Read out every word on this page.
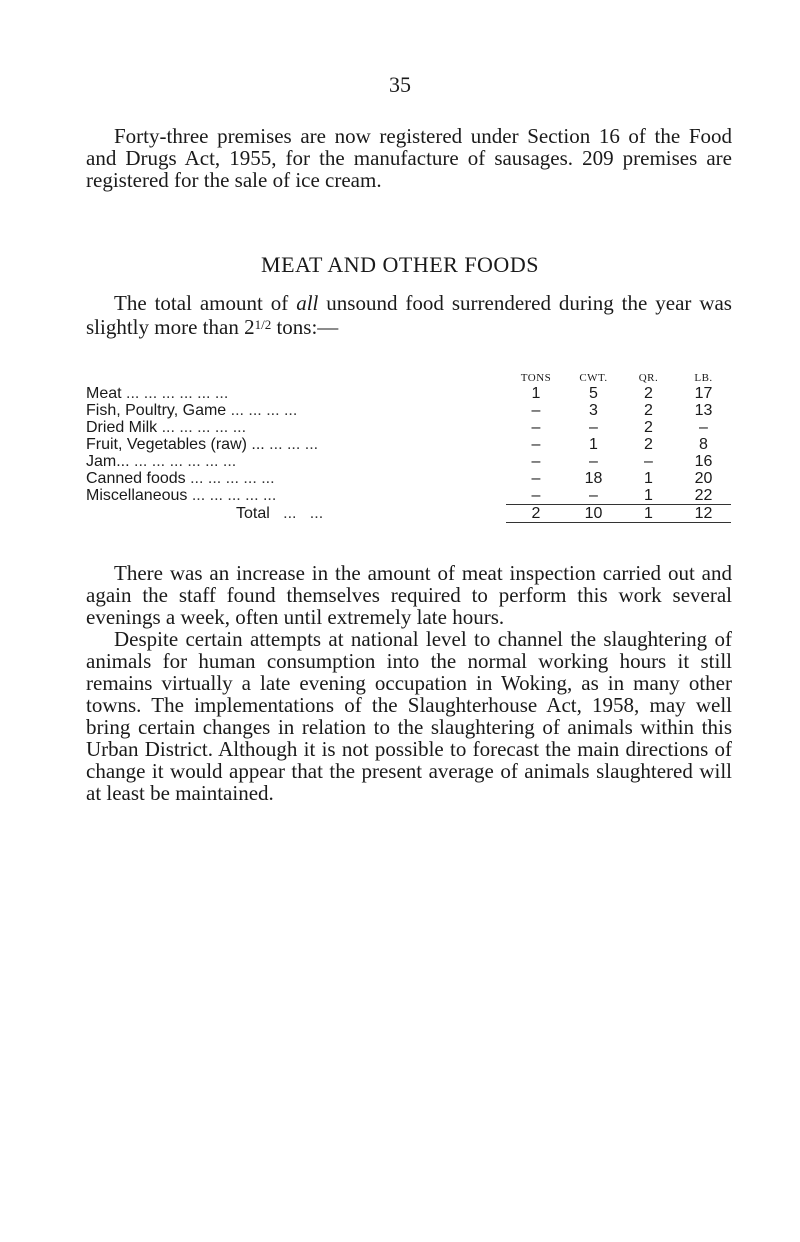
35
Forty-three premises are now registered under Section 16 of the Food and Drugs Act, 1955, for the manufacture of sausages. 209 premises are registered for the sale of ice cream.
MEAT AND OTHER FOODS
The total amount of all unsound food surrendered during the year was slightly more than $2^{1/2}$ tons:—
	TONS	CWT.	QR.	LB.
Meat ... ... ... ... ... ...	1	5	2	17
Fish, Poultry, Game ... ... ... ...	–	3	2	13
Dried Milk ... ... ... ... ...	–	–	2	–
Fruit, Vegetables (raw) ... ... ... ...	–	1	2	8
Jam... ... ... ... ... ... ...	–	–	–	16
Canned foods ... ... ... ... ...	–	18	1	20
Miscellaneous ... ... ... ... ...	–	–	1	22
Total   ...   ...	2	10	1	12

There was an increase in the amount of meat inspection carried out and again the staff found themselves required to perform this work several evenings a week, often until extremely late hours.

Despite certain attempts at national level to channel the slaughtering of animals for human consumption into the normal working hours it still remains virtually a late evening occupation in Woking, as in many other towns. The implementations of the Slaughterhouse Act, 1958, may well bring certain changes in relation to the slaughtering of animals within this Urban District. Although it is not possible to forecast the main directions of change it would appear that the present average of animals slaughtered will at least be maintained.
